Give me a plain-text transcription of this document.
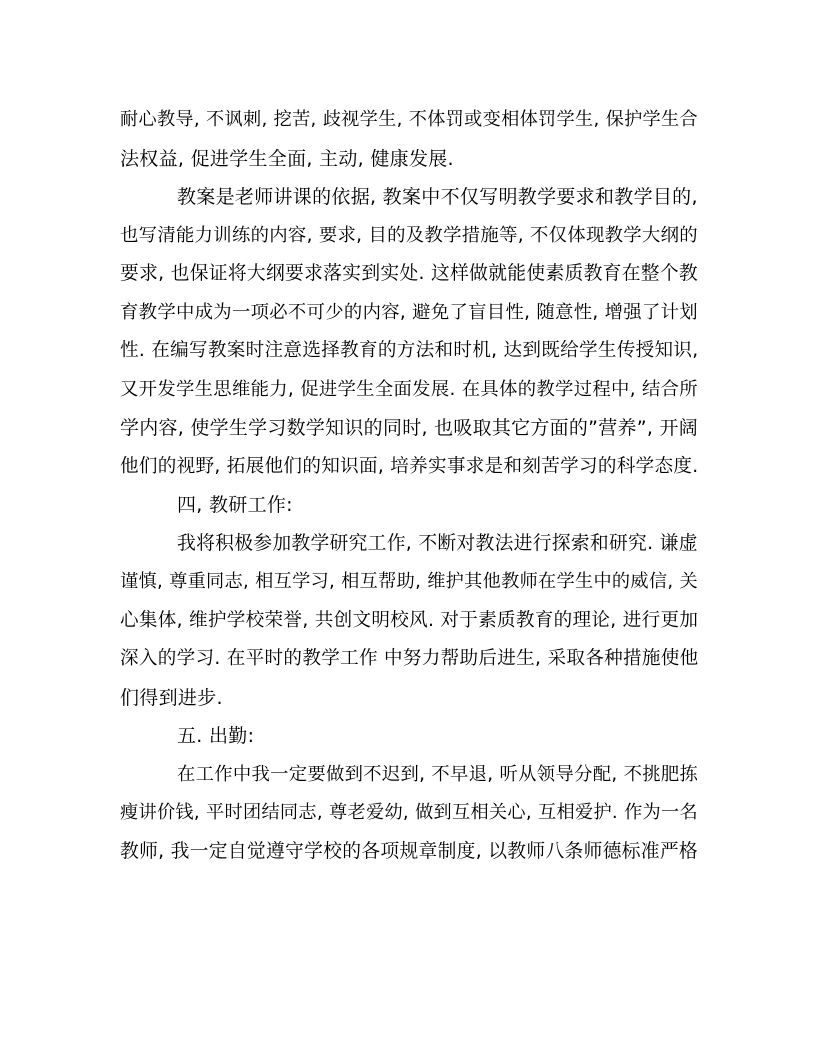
耐心教导, 不讽刺, 挖苦, 歧视学生, 不体罚或变相体罚学生, 保护学生合
法权益, 促进学生全面, 主动, 健康发展.
教案是老师讲课的依据, 教案中不仅写明教学要求和教学目的,
也写清能力训练的内容, 要求, 目的及教学措施等, 不仅体现教学大纲的
要求, 也保证将大纲要求落实到实处. 这样做就能使素质教育在整个教
育教学中成为一项必不可少的内容, 避免了盲目性, 随意性, 增强了计划
性. 在编写教案时注意选择教育的方法和时机, 达到既给学生传授知识,
又开发学生思维能力, 促进学生全面发展. 在具体的教学过程中, 结合所
学内容, 使学生学习数学知识的同时, 也吸取其它方面的”营养”, 开阔
他们的视野, 拓展他们的知识面, 培养实事求是和刻苦学习的科学态度.
四, 教研工作:
我将积极参加教学研究工作, 不断对教法进行探索和研究. 谦虚
谨慎, 尊重同志, 相互学习, 相互帮助, 维护其他教师在学生中的威信, 关
心集体, 维护学校荣誉, 共创文明校风. 对于素质教育的理论, 进行更加
深入的学习. 在平时的教学工作 中努力帮助后进生, 采取各种措施使他
们得到进步.
五. 出勤:
在工作中我一定要做到不迟到, 不早退, 听从领导分配, 不挑肥拣
瘦讲价钱, 平时团结同志, 尊老爱幼, 做到互相关心, 互相爱护. 作为一名
教师, 我一定自觉遵守学校的各项规章制度, 以教师八条师德标准严格
